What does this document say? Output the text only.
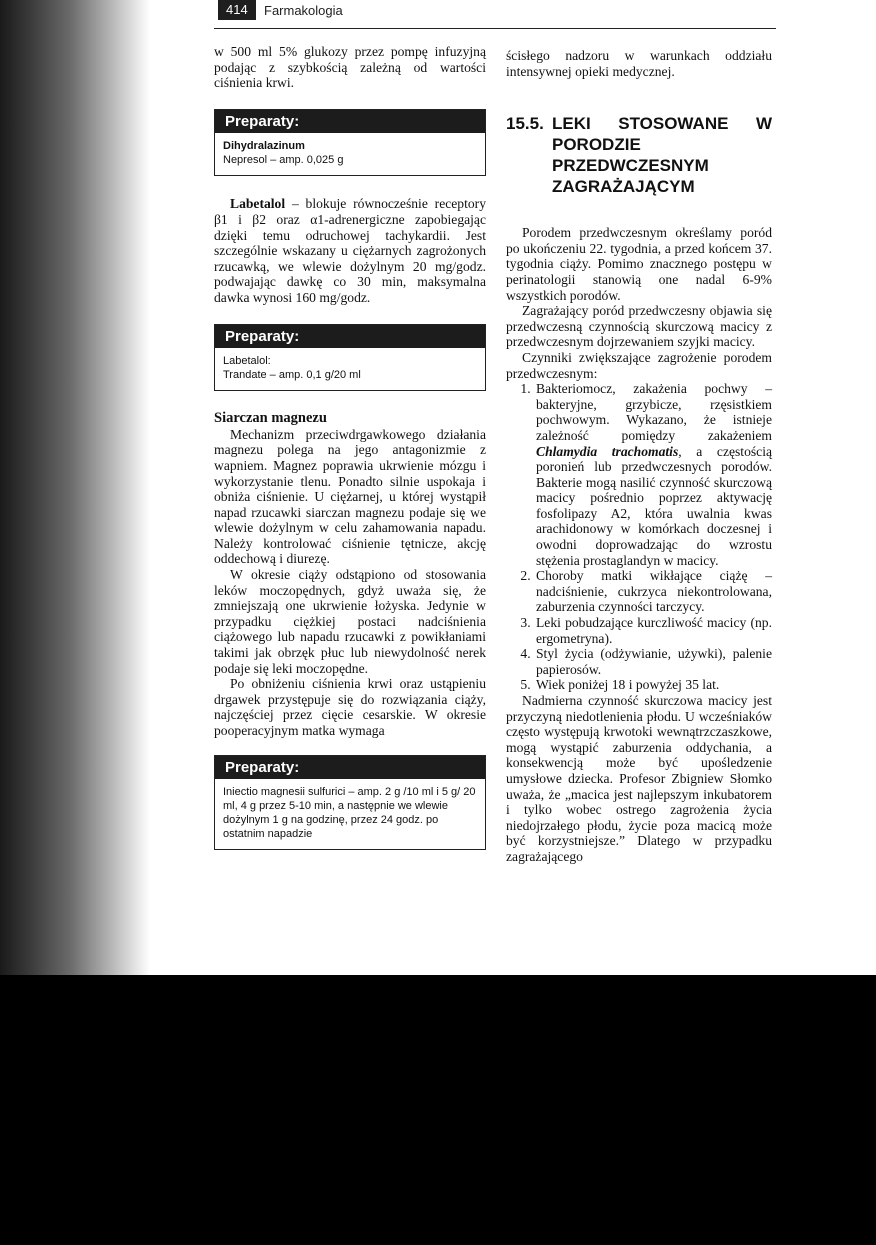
414	Farmakologia

w 500 ml 5% glukozy przez pompę infuzyjną podając z szybkością zależną od wartości ciśnienia krwi.

Preparaty:
Dihydralazinum
Nepresol – amp. 0,025 g

Labetalol – blokuje równocześnie receptory β1 i β2 oraz α1-adrenergiczne zapobiegając dzięki temu odruchowej tachykardii. Jest szczególnie wskazany u ciężarnych zagrożonych rzucawką, we wlewie dożylnym 20 mg/godz. podwajając dawkę co 30 min, maksymalna dawka wynosi 160 mg/godz.

Preparaty:
Labetalol:
Trandate – amp. 0,1 g/20 ml
Siarczan magnezu

Mechanizm przeciwdrgawkowego działania magnezu polega na jego antagonizmie z wapniem. Magnez poprawia ukrwienie mózgu i wykorzystanie tlenu. Ponadto silnie uspokaja i obniża ciśnienie. U ciężarnej, u której wystąpił napad rzucawki siarczan magnezu podaje się we wlewie dożylnym w celu zahamowania napadu. Należy kontrolować ciśnienie tętnicze, akcję oddechową i diurezę.

W okresie ciąży odstąpiono od stosowania leków moczopędnych, gdyż uważa się, że zmniejszają one ukrwienie łożyska. Jedynie w przypadku ciężkiej postaci nadciśnienia ciążowego lub napadu rzucawki z powikłaniami takimi jak obrzęk płuc lub niewydolność nerek podaje się leki moczopędne.

Po obniżeniu ciśnienia krwi oraz ustąpieniu drgawek przystępuje się do rozwiązania ciąży, najczęściej przez cięcie cesarskie. W okresie pooperacyjnym matka wymaga

Preparaty:
Iniectio magnesii sulfurici – amp. 2 g /10 ml i 5 g/ 20 ml, 4 g przez 5-10 min, a następnie we wlewie dożylnym 1 g na godzinę, przez 24 godz. po ostatnim napadzie

ścisłego nadzoru w warunkach oddziału intensywnej opieki medycznej.

15.5. LEKI STOSOWANE W PORODZIE PRZEDWCZESNYM ZAGRAŻAJĄCYM

Porodem przedwczesnym określamy poród po ukończeniu 22. tygodnia, a przed końcem 37. tygodnia ciąży. Pomimo znacznego postępu w perinatologii stanowią one nadal 6-9% wszystkich porodów.

Zagrażający poród przedwczesny objawia się przedwczesną czynnością skurczową macicy z przedwczesnym dojrzewaniem szyjki macicy.

Czynniki zwiększające zagrożenie porodem przedwczesnym:

1. Bakteriomocz, zakażenia pochwy – bakteryjne, grzybicze, rzęsistkiem pochwowym. Wykazano, że istnieje zależność pomiędzy zakażeniem Chlamydia trachomatis, a częstością poronień lub przedwczesnych porodów. Bakterie mogą nasilić czynność skurczową macicy pośrednio poprzez aktywację fosfolipazy A2, która uwalnia kwas arachidonowy w komórkach doczesnej i owodni doprowadzając do wzrostu stężenia prostaglandyn w macicy.
2. Choroby matki wikłające ciążę – nadciśnienie, cukrzyca niekontrolowana, zaburzenia czynności tarczycy.
3. Leki pobudzające kurczliwość macicy (np. ergometryna).
4. Styl życia (odżywianie, używki), palenie papierosów.
5. Wiek poniżej 18 i powyżej 35 lat.

Nadmierna czynność skurczowa macicy jest przyczyną niedotlenienia płodu. U wcześniaków często występują krwotoki wewnątrzczaszkowe, mogą wystąpić zaburzenia oddychania, a konsekwencją może być upośledzenie umysłowe dziecka. Profesor Zbigniew Słomko uważa, że „macica jest najlepszym inkubatorem i tylko wobec ostrego zagrożenia życia niedojrzałego płodu, życie poza macicą może być korzystniejsze.” Dlatego w przypadku zagrażającego
